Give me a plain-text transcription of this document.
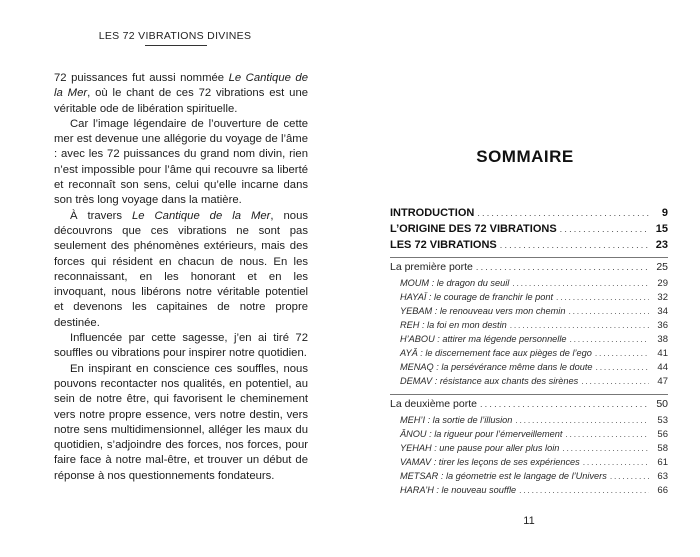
LES 72 VIBRATIONS DIVINES

72 puissances fut aussi nommée Le Cantique de la Mer, où le chant de ces 72 vibrations est une véritable ode de libération spirituelle.

Car l’image légendaire de l’ouverture de cette mer est devenue une allégorie du voyage de l’âme : avec les 72 puissances du grand nom divin, rien n’est impossible pour l’âme qui recouvre sa liberté et reconnaît son sens, celui qu’elle incarne dans son très long voyage dans la matière.

À travers Le Cantique de la Mer, nous découvrons que ces vibrations ne sont pas seulement des phénomènes extérieurs, mais des forces qui résident en chacun de nous. En les reconnaissant, en les honorant et en les invoquant, nous libérons notre véritable potentiel et devenons les capitaines de notre propre destinée.

Influencée par cette sagesse, j’en ai tiré 72 souffles ou vibrations pour inspirer notre quotidien.

En inspirant en conscience ces souffles, nous pouvons recontacter nos qualités, en potentiel, au sein de notre être, qui favorisent le cheminement vers notre propre essence, vers notre destin, vers notre sens multidimensionnel, alléger les maux du quotidien, s’adjoindre des forces, nos forces, pour faire face à notre mal-être, et trouver un début de réponse à nos questionnements fondateurs.

SOMMAIRE
INTRODUCTION .....	9
L’ORIGINE DES 72 VIBRATIONS .....	15
LES 72 VIBRATIONS .....	23
La première porte .....	25
MOUM : le dragon du seuil .....	29
HAYAÏ : le courage de franchir le pont .....	32
YEBAM : le renouveau vers mon chemin .....	34
REH : la foi en mon destin .....	36
H’ABOU : attirer ma légende personnelle .....	38
AYÂ : le discernement face aux pièges de l’ego .....	41
MENAQ : la persévérance même dans le doute .....	44
DEMAV : résistance aux chants des sirènes .....	47
La deuxième porte .....	50
MEH’I : la sortie de l’illusion .....	53
ÂNOU : la rigueur pour l’émerveillement .....	56
YEHAH : une pause pour aller plus loin .....	58
VAMAV : tirer les leçons de ses expériences .....	61
METSAR : la géometrie est le langage de l’Univers .....	63
HARA’H : le nouveau souffle .....	66
11
